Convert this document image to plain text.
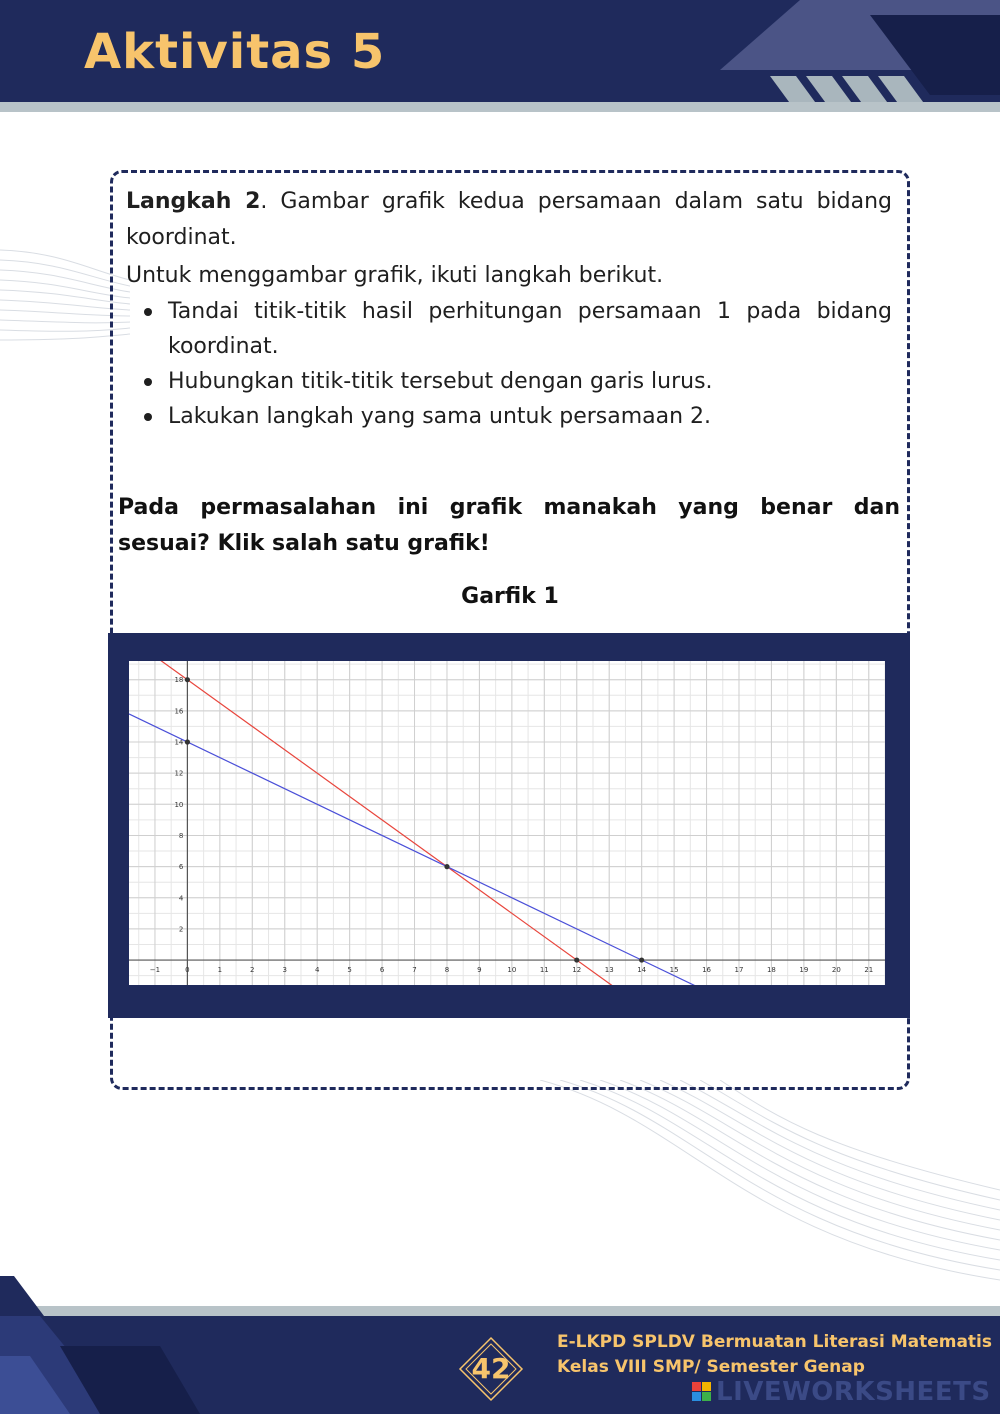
Aktivitas 5
Langkah 2. Gambar grafik kedua persamaan dalam satu bidang koordinat.
Untuk menggambar grafik, ikuti langkah berikut.
Tandai titik-titik hasil perhitungan persamaan 1 pada bidang koordinat.
Hubungkan titik-titik tersebut dengan garis lurus.
Lakukan langkah yang sama untuk persamaan 2.
Pada permasalahan ini grafik manakah yang benar dan sesuai? Klik salah satu grafik!
Garfik 1
−1	0	1	2	3	4	5	6	7	8	9	10	11	12	13	14	15	16	17	18	19	20	21
2
4
6
8
10
12
14
16
18
42
E-LKPD SPLDV Bermuatan Literasi Matematis
Kelas VIII SMP/ Semester Genap
LIVEWORKSHEETS
